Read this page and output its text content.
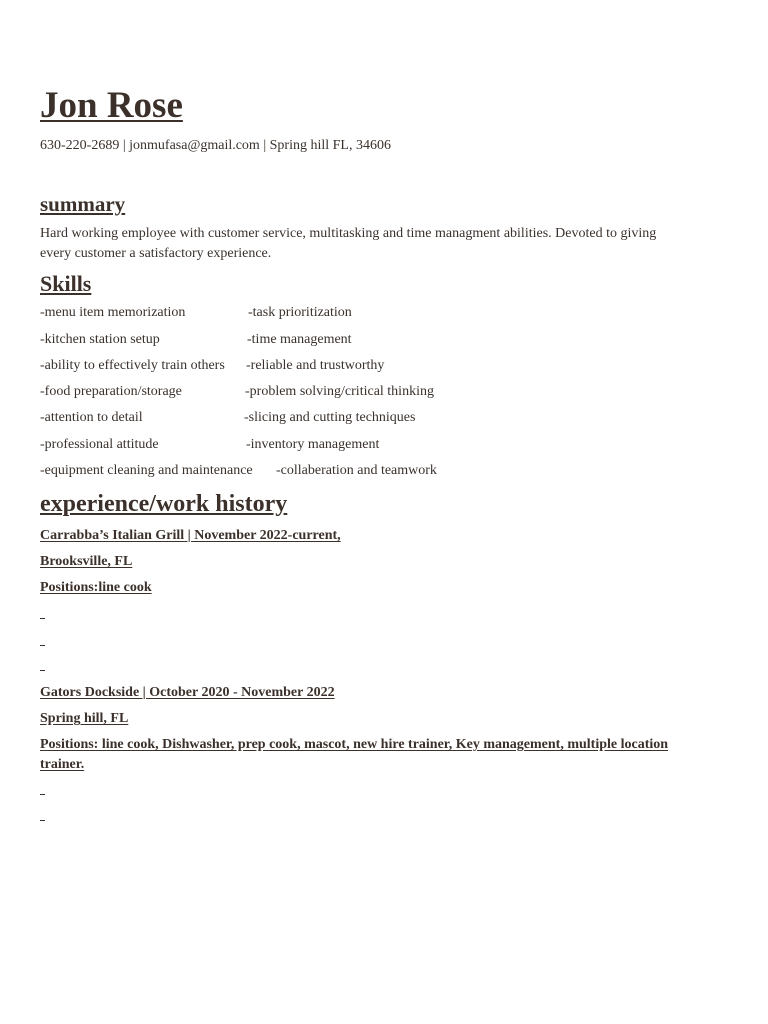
Jon Rose
630-220-2689 | jonmufasa@gmail.com | Spring hill FL, 34606
summary
Hard working employee with customer service, multitasking and time managment abilities. Devoted to giving every customer a satisfactory experience.
Skills
-menu item memorization
-kitchen station setup
-ability to effectively train others
-food preparation/storage
-attention to detail
-professional attitude
-equipment cleaning and maintenance
-task prioritization
-time management
-reliable and trustworthy
-problem solving/critical thinking
-slicing and cutting techniques
-inventory management
-collaberation and teamwork
experience/work history
Carrabba’s Italian Grill | November 2022-current,
Brooksville, FL
Positions:line cook
Gators Dockside | October 2020 - November 2022
Spring hill, FL
Positions: line cook, Dishwasher, prep cook, mascot, new hire trainer, Key management, multiple location trainer.
